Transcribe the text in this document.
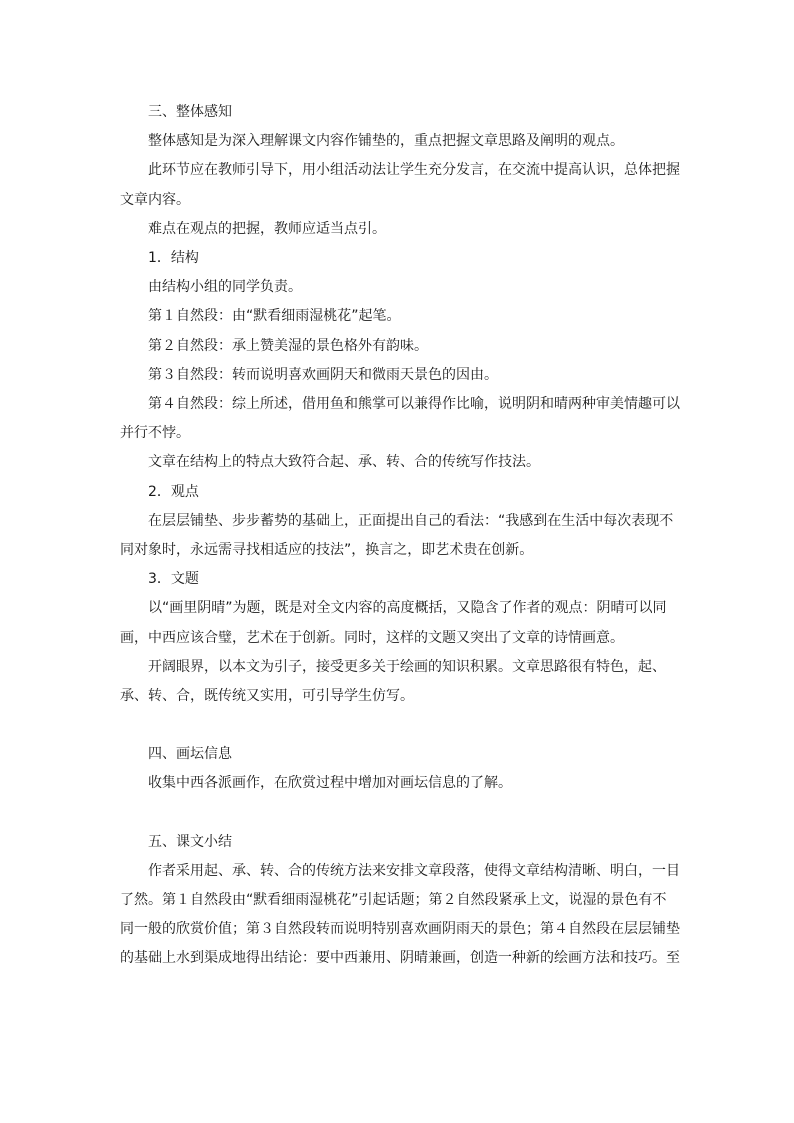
三、整体感知

整体感知是为深入理解课文内容作铺垫的，重点把握文章思路及阐明的观点。

此环节应在教师引导下，用小组活动法让学生充分发言，在交流中提高认识，总体把握文章内容。

难点在观点的把握，教师应适当点引。

1．结构

由结构小组的同学负责。

第１自然段：由“默看细雨湿桃花”起笔。

第２自然段：承上赞美湿的景色格外有韵味。

第３自然段：转而说明喜欢画阴天和微雨天景色的因由。

第４自然段：综上所述，借用鱼和熊掌可以兼得作比喻，说明阴和晴两种审美情趣可以并行不悖。

文章在结构上的特点大致符合起、承、转、合的传统写作技法。

2．观点

在层层铺垫、步步蓄势的基础上，正面提出自己的看法：“我感到在生活中每次表现不同对象时，永远需寻找相适应的技法”，换言之，即艺术贵在创新。

3．文题

以“画里阴晴”为题，既是对全文内容的高度概括，又隐含了作者的观点：阴晴可以同画，中西应该合璧，艺术在于创新。同时，这样的文题又突出了文章的诗情画意。

开阔眼界，以本文为引子，接受更多关于绘画的知识积累。文章思路很有特色，起、承、转、合，既传统又实用，可引导学生仿写。

四、画坛信息

收集中西各派画作，在欣赏过程中增加对画坛信息的了解。

五、课文小结

作者采用起、承、转、合的传统方法来安排文章段落，使得文章结构清晰、明白，一目了然。第１自然段由“默看细雨湿桃花”引起话题；第２自然段紧承上文，说湿的景色有不同一般的欣赏价值；第３自然段转而说明特别喜欢画阴雨天的景色；第４自然段在层层铺垫的基础上水到渠成地得出结论：要中西兼用、阴晴兼画，创造一种新的绘画方法和技巧。至
